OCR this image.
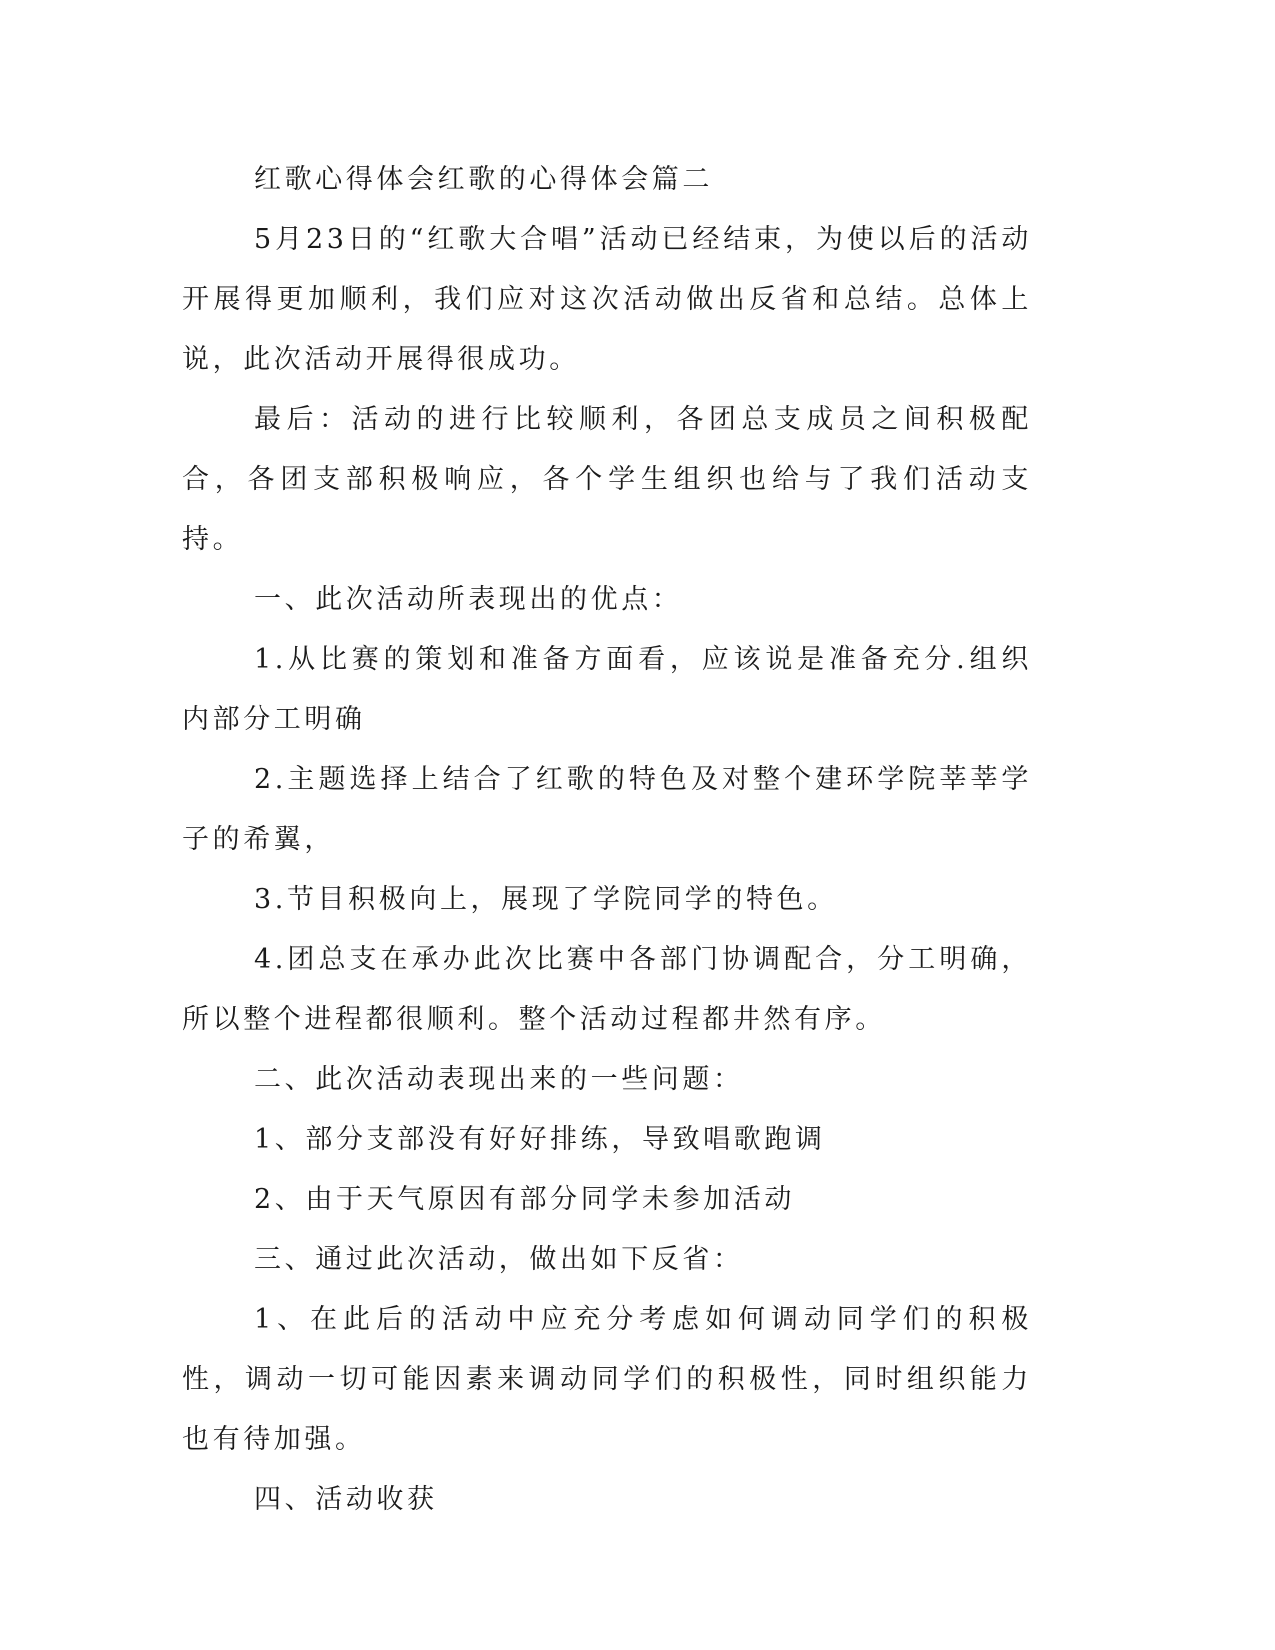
红歌心得体会红歌的心得体会篇二

5月23日的“红歌大合唱”活动已经结束，为使以后的活动开展得更加顺利，我们应对这次活动做出反省和总结。总体上说，此次活动开展得很成功。

最后：活动的进行比较顺利，各团总支成员之间积极配合，各团支部积极响应，各个学生组织也给与了我们活动支持。

一、此次活动所表现出的优点：

1.从比赛的策划和准备方面看，应该说是准备充分.组织内部分工明确

2.主题选择上结合了红歌的特色及对整个建环学院莘莘学子的希翼，

3.节目积极向上，展现了学院同学的特色。

4.团总支在承办此次比赛中各部门协调配合，分工明确，所以整个进程都很顺利。整个活动过程都井然有序。

二、此次活动表现出来的一些问题：

1、部分支部没有好好排练，导致唱歌跑调

2、由于天气原因有部分同学未参加活动

三、通过此次活动，做出如下反省：

1、在此后的活动中应充分考虑如何调动同学们的积极性，调动一切可能因素来调动同学们的积极性，同时组织能力也有待加强。

四、活动收获
